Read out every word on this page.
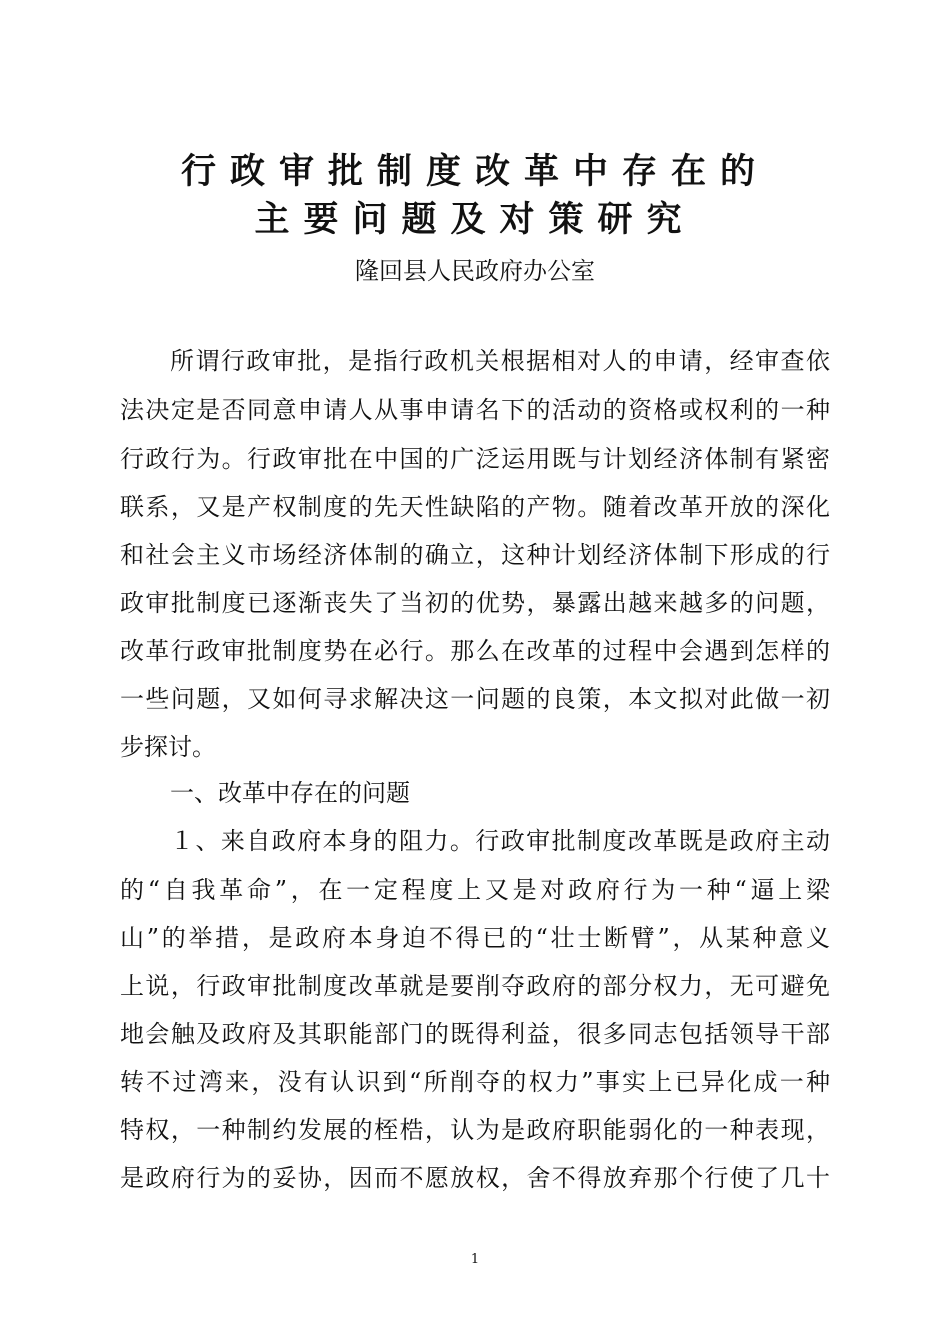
行政审批制度改革中存在的
主要问题及对策研究
隆回县人民政府办公室
所谓行政审批，是指行政机关根据相对人的申请，经审查依
法决定是否同意申请人从事申请名下的活动的资格或权利的一种
行政行为。行政审批在中国的广泛运用既与计划经济体制有紧密
联系，又是产权制度的先天性缺陷的产物。随着改革开放的深化
和社会主义市场经济体制的确立，这种计划经济体制下形成的行
政审批制度已逐渐丧失了当初的优势，暴露出越来越多的问题，
改革行政审批制度势在必行。那么在改革的过程中会遇到怎样的
一些问题，又如何寻求解决这一问题的良策，本文拟对此做一初
步探讨。
一、改革中存在的问题
１、来自政府本身的阻力。行政审批制度改革既是政府主动
的“自我革命”，在一定程度上又是对政府行为一种“逼上梁
山”的举措，是政府本身迫不得已的“壮士断臂”，从某种意义
上说，行政审批制度改革就是要削夺政府的部分权力，无可避免
地会触及政府及其职能部门的既得利益，很多同志包括领导干部
转不过湾来，没有认识到“所削夺的权力”事实上已异化成一种
特权，一种制约发展的桎梏，认为是政府职能弱化的一种表现，
是政府行为的妥协，因而不愿放权，舍不得放弃那个行使了几十
1
